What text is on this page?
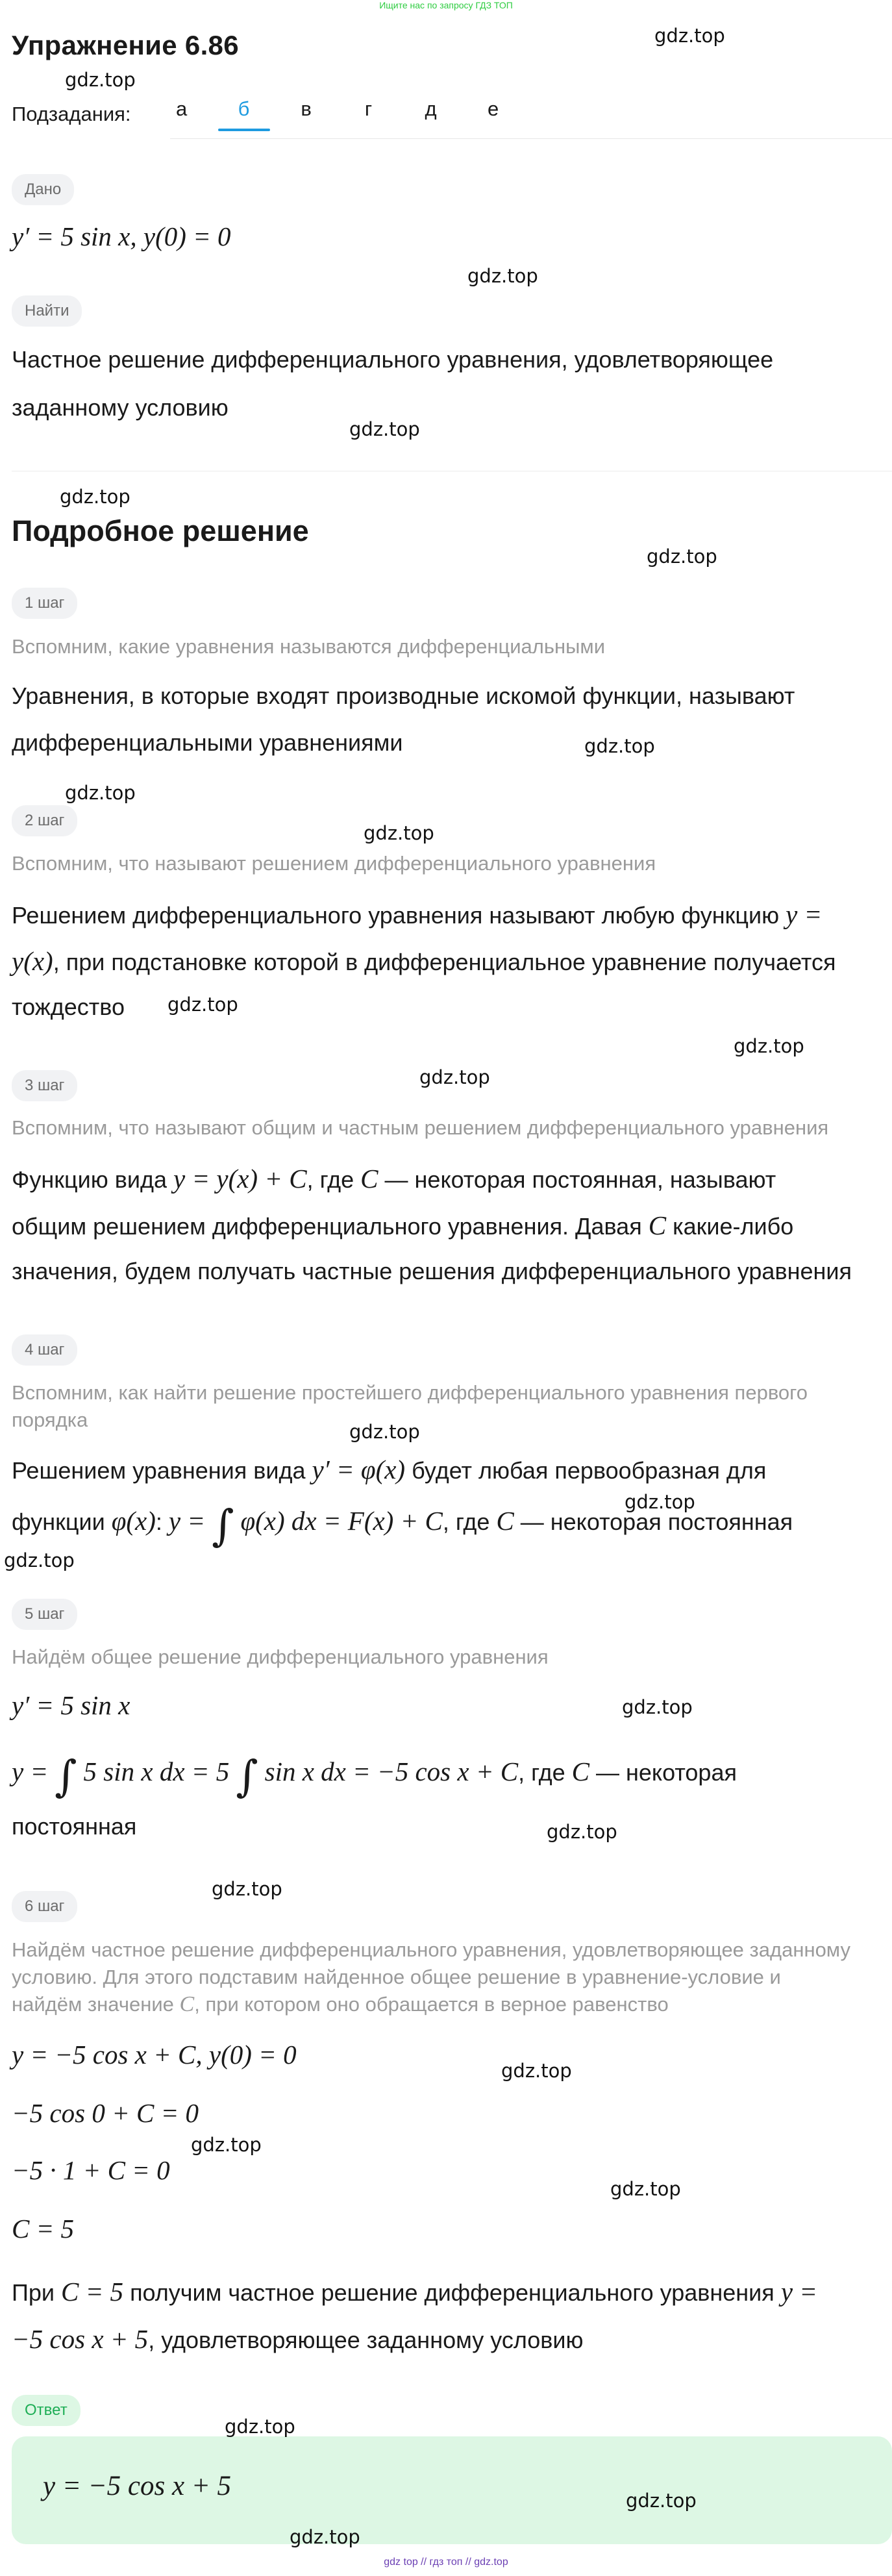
Ищите нас по запросу ГДЗ ТОП
Упражнение 6.86
Подзадания:	а	б	в	г	д	е
Дано
y′ = 5 sin x, y(0) = 0
Найти
Частное решение дифференциального уравнения, удовлетворяющее
заданному условию
Подробное решение
1 шаг
Вспомним, какие уравнения называются дифференциальными
Уравнения, в которые входят производные искомой функции, называют
дифференциальными уравнениями
2 шаг
Вспомним, что называют решением дифференциального уравнения
Решением дифференциального уравнения называют любую функцию y =
y(x), при подстановке которой в дифференциальное уравнение получается
тождество
3 шаг
Вспомним, что называют общим и частным решением дифференциального уравнения
Функцию вида y = y(x) + C, где C — некоторая постоянная, называют
общим решением дифференциального уравнения. Давая C какие-либо
значения, будем получать частные решения дифференциального уравнения
4 шаг
Вспомним, как найти решение простейшего дифференциального уравнения первого
порядка
Решением уравнения вида y′ = φ(x) будет любая первообразная для
функции φ(x): y = ∫ φ(x) dx = F(x) + C, где C — некоторая постоянная
5 шаг
Найдём общее решение дифференциального уравнения
y′ = 5 sin x
y = ∫ 5 sin x dx = 5 ∫ sin x dx = −5 cos x + C, где C — некоторая
постоянная
6 шаг
Найдём частное решение дифференциального уравнения, удовлетворяющее заданному
условию. Для этого подставим найденное общее решение в уравнение-условие и
найдём значение C, при котором оно обращается в верное равенство
y = −5 cos x + C, y(0) = 0
−5 cos 0 + C = 0
−5 · 1 + C = 0
C = 5
При C = 5 получим частное решение дифференциального уравнения y =
−5 cos x + 5, удовлетворяющее заданному условию
Ответ
y = −5 cos x + 5
gdz.top
gdz.top
gdz.top
gdz.top
gdz.top
gdz.top
gdz.top
gdz.top
gdz.top
gdz.top
gdz.top
gdz.top
gdz.top
gdz.top
gdz.top
gdz.top
gdz.top
gdz.top
gdz.top
gdz.top
gdz.top
gdz.top
gdz.top
gdz.top
gdz top // гдз топ // gdz.top
